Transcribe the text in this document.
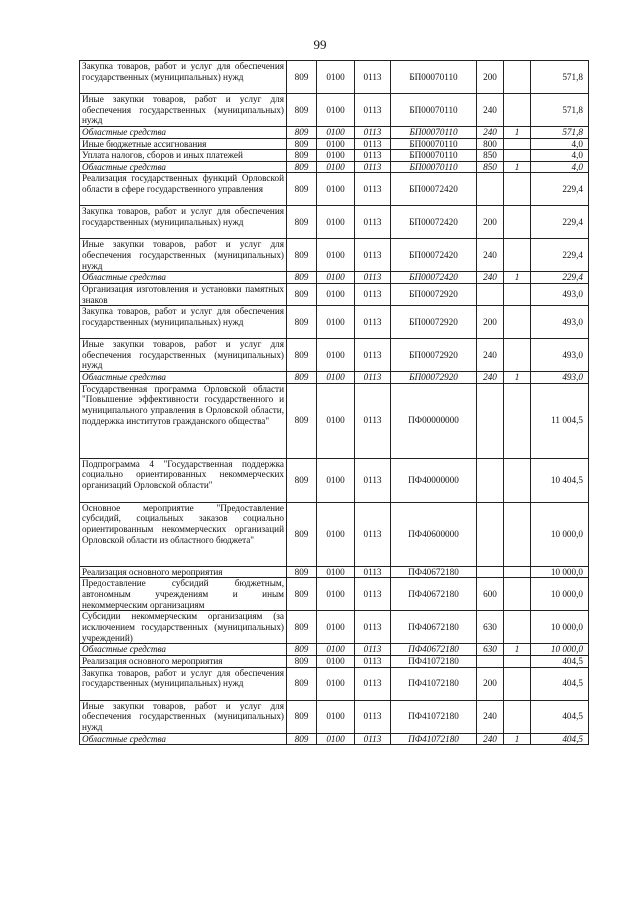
99
Закупка товаров, работ и услуг для обеспечения государственных (муниципальных) нужд	809	0100	0113	БП00070110	200		571,8
Иные закупки товаров, работ и услуг для обеспечения государственных (муниципальных) нужд	809	0100	0113	БП00070110	240		571,8
Областные средства	809	0100	0113	БП00070110	240	1	571,8
Иные бюджетные ассигнования	809	0100	0113	БП00070110	800		4,0
Уплата налогов, сборов и иных платежей	809	0100	0113	БП00070110	850		4,0
Областные средства	809	0100	0113	БП00070110	850	1	4,0
Реализация государственных функций Орловской области в сфере государственного управления	809	0100	0113	БП00072420			229,4
Закупка товаров, работ и услуг для обеспечения государственных (муниципальных) нужд	809	0100	0113	БП00072420	200		229,4
Иные закупки товаров, работ и услуг для обеспечения государственных (муниципальных) нужд	809	0100	0113	БП00072420	240		229,4
Областные средства	809	0100	0113	БП00072420	240	1	229,4
Организация изготовления и установки памятных знаков	809	0100	0113	БП00072920			493,0
Закупка товаров, работ и услуг для обеспечения государственных (муниципальных) нужд	809	0100	0113	БП00072920	200		493,0
Иные закупки товаров, работ и услуг для обеспечения государственных (муниципальных) нужд	809	0100	0113	БП00072920	240		493,0
Областные средства	809	0100	0113	БП00072920	240	1	493,0
Государственная программа Орловской области "Повышение эффективности государственного и муниципального управления в Орловской области, поддержка институтов гражданского общества"	809	0100	0113	ПФ00000000			11 004,5
Подпрограмма 4 "Государственная поддержка социально ориентированных некоммерческих организаций Орловской области"	809	0100	0113	ПФ40000000			10 404,5
Основное мероприятие "Предоставление субсидий, социальных заказов социально ориентированным некоммерческих организаций Орловской области из областного бюджета"	809	0100	0113	ПФ40600000			10 000,0
Реализация основного мероприятия	809	0100	0113	ПФ40672180			10 000,0
Предоставление субсидий бюджетным, автономным учреждениям и иным некоммерческим организациям	809	0100	0113	ПФ40672180	600		10 000,0
Субсидии некоммерческим организациям (за исключением государственных (муниципальных) учреждений)	809	0100	0113	ПФ40672180	630		10 000,0
Областные средства	809	0100	0113	ПФ40672180	630	1	10 000,0
Реализация основного мероприятия	809	0100	0113	ПФ41072180			404,5
Закупка товаров, работ и услуг для обеспечения государственных (муниципальных) нужд	809	0100	0113	ПФ41072180	200		404,5
Иные закупки товаров, работ и услуг для обеспечения государственных (муниципальных) нужд	809	0100	0113	ПФ41072180	240		404,5
Областные средства	809	0100	0113	ПФ41072180	240	1	404,5
